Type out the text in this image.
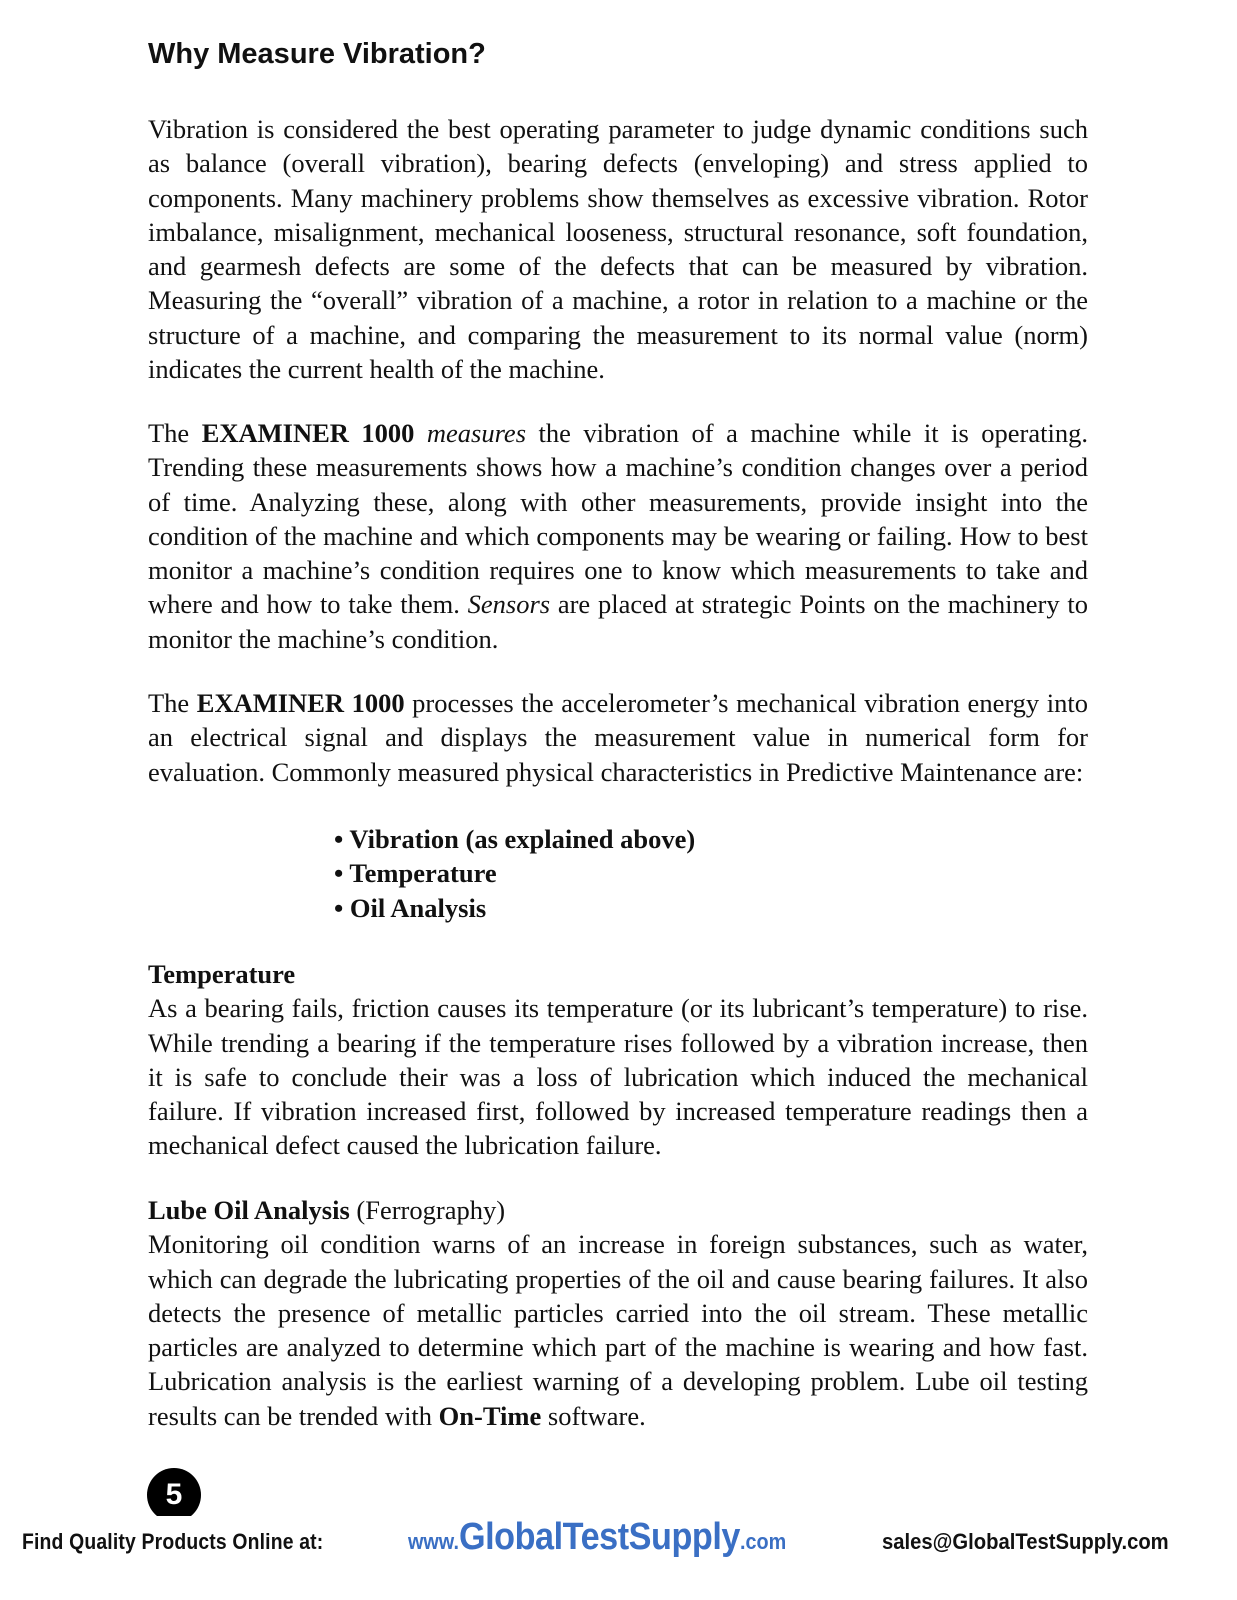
Why Measure Vibration?

Vibration is considered the best operating parameter to judge dynamic conditions such as balance (overall vibration), bearing defects (enveloping) and stress applied to components. Many machinery problems show themselves as excessive vibration. Rotor imbalance, misalignment, mechanical looseness, structural resonance, soft foundation, and gearmesh defects are some of the defects that can be measured by vibration. Measuring the “overall” vibration of a machine, a rotor in relation to a machine or the structure of a machine, and comparing the measurement to its normal value (norm) indicates the current health of the machine.

The EXAMINER 1000 measures the vibration of a machine while it is operating. Trending these measurements shows how a machine’s condition changes over a period of time. Analyzing these, along with other measurements, provide insight into the condition of the machine and which components may be wearing or failing. How to best monitor a machine’s condition requires one to know which measurements to take and where and how to take them. Sensors are placed at strategic Points on the machinery to monitor the machine’s condition.

The EXAMINER 1000 processes the accelerometer’s mechanical vibration energy into an electrical signal and displays the measurement value in numerical form for evaluation. Commonly measured physical characteristics in Predictive Maintenance are:

• Vibration (as explained above)
• Temperature
• Oil Analysis
Temperature
As a bearing fails, friction causes its temperature (or its lubricant’s temperature) to rise. While trending a bearing if the temperature rises followed by a vibration increase, then it is safe to conclude their was a loss of lubrication which induced the mechanical failure. If vibration increased first, followed by increased temperature readings then a mechanical defect caused the lubrication failure.
Lube Oil Analysis (Ferrography)
Monitoring oil condition warns of an increase in foreign substances, such as water, which can degrade the lubricating properties of the oil and cause bearing failures. It also detects the presence of metallic particles carried into the oil stream. These metallic particles are analyzed to determine which part of the machine is wearing and how fast. Lubrication analysis is the earliest warning of a developing problem. Lube oil testing results can be trended with On-Time software.
5
Find Quality Products Online at:	www.GlobalTestSupply.com	sales@GlobalTestSupply.com
